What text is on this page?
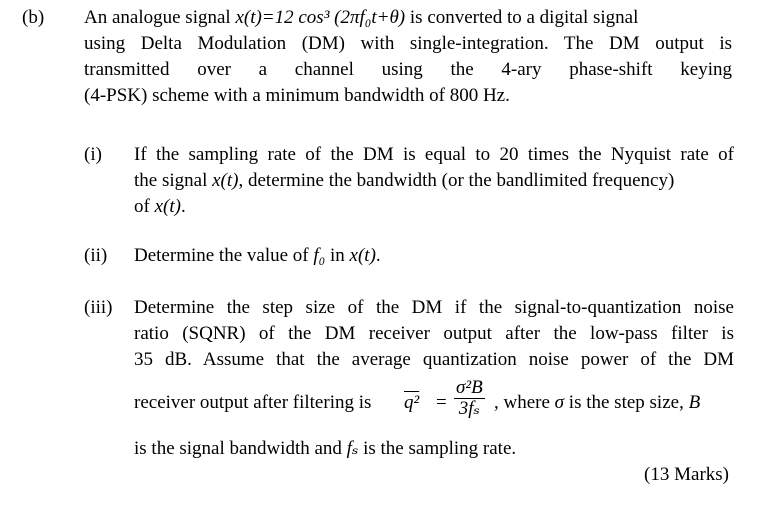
(b) An analogue signal x(t)=12 cos³ (2πf₀t+θ) is converted to a digital signal
using Delta Modulation (DM) with single-integration. The DM output is
transmitted over a channel using the 4-ary phase-shift keying
(4-PSK) scheme with a minimum bandwidth of 800 Hz.
(i) If the sampling rate of the DM is equal to 20 times the Nyquist rate of
the signal x(t), determine the bandwidth (or the bandlimited frequency)
of x(t).
(ii) Determine the value of f₀ in x(t).
(iii) Determine the step size of the DM if the signal-to-quantization noise
ratio (SQNR) of the DM receiver output after the low-pass filter is
35 dB. Assume that the average quantization noise power of the DM
receiver output after filtering is $q^2 = \frac{\text{σ²B}}{\text{3fₛ}}$ , where σ is the step size, B
is the signal bandwidth and fₛ is the sampling rate.
(13 Marks)
